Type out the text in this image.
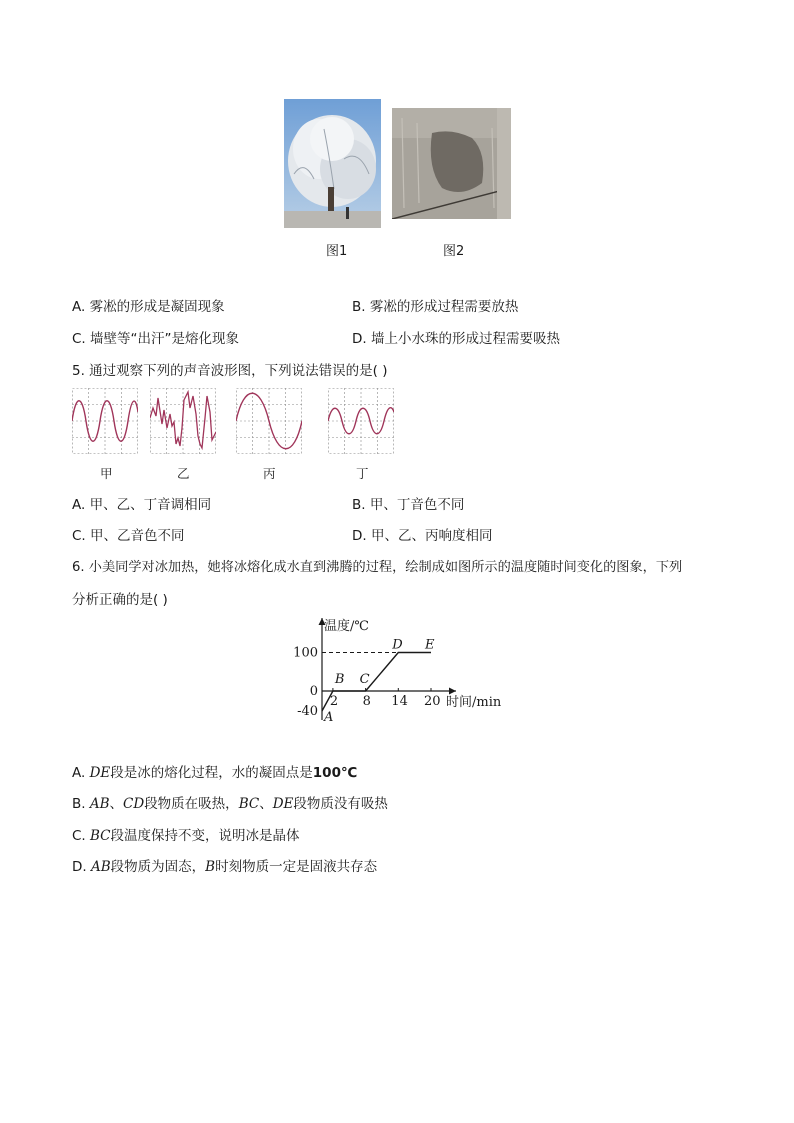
图1	图2
A. 雾凇的形成是凝固现象	B. 雾凇的形成过程需要放热
C. 墙壁等“出汗”是熔化现象	D. 墙上小水珠的形成过程需要吸热
5. 通过观察下列的声音波形图，下列说法错误的是( )
甲	乙	丙	丁
A. 甲、乙、丁音调相同	B. 甲、丁音色不同
C. 甲、乙音色不同	D. 甲、乙、丙响度相同
6. 小美同学对冰加热，她将冰熔化成水直到沸腾的过程，绘制成如图所示的温度随时间变化的图象，下列
分析正确的是( )
温度/℃
时间/min
A
B C
D E
2 8 14 20
100
0
-40
A. DE段是冰的熔化过程，水的凝固点是100℃
B. AB、CD段物质在吸热，BC、DE段物质没有吸热
C. BC段温度保持不变，说明冰是晶体
D. AB段物质为固态，B时刻物质一定是固液共存态
